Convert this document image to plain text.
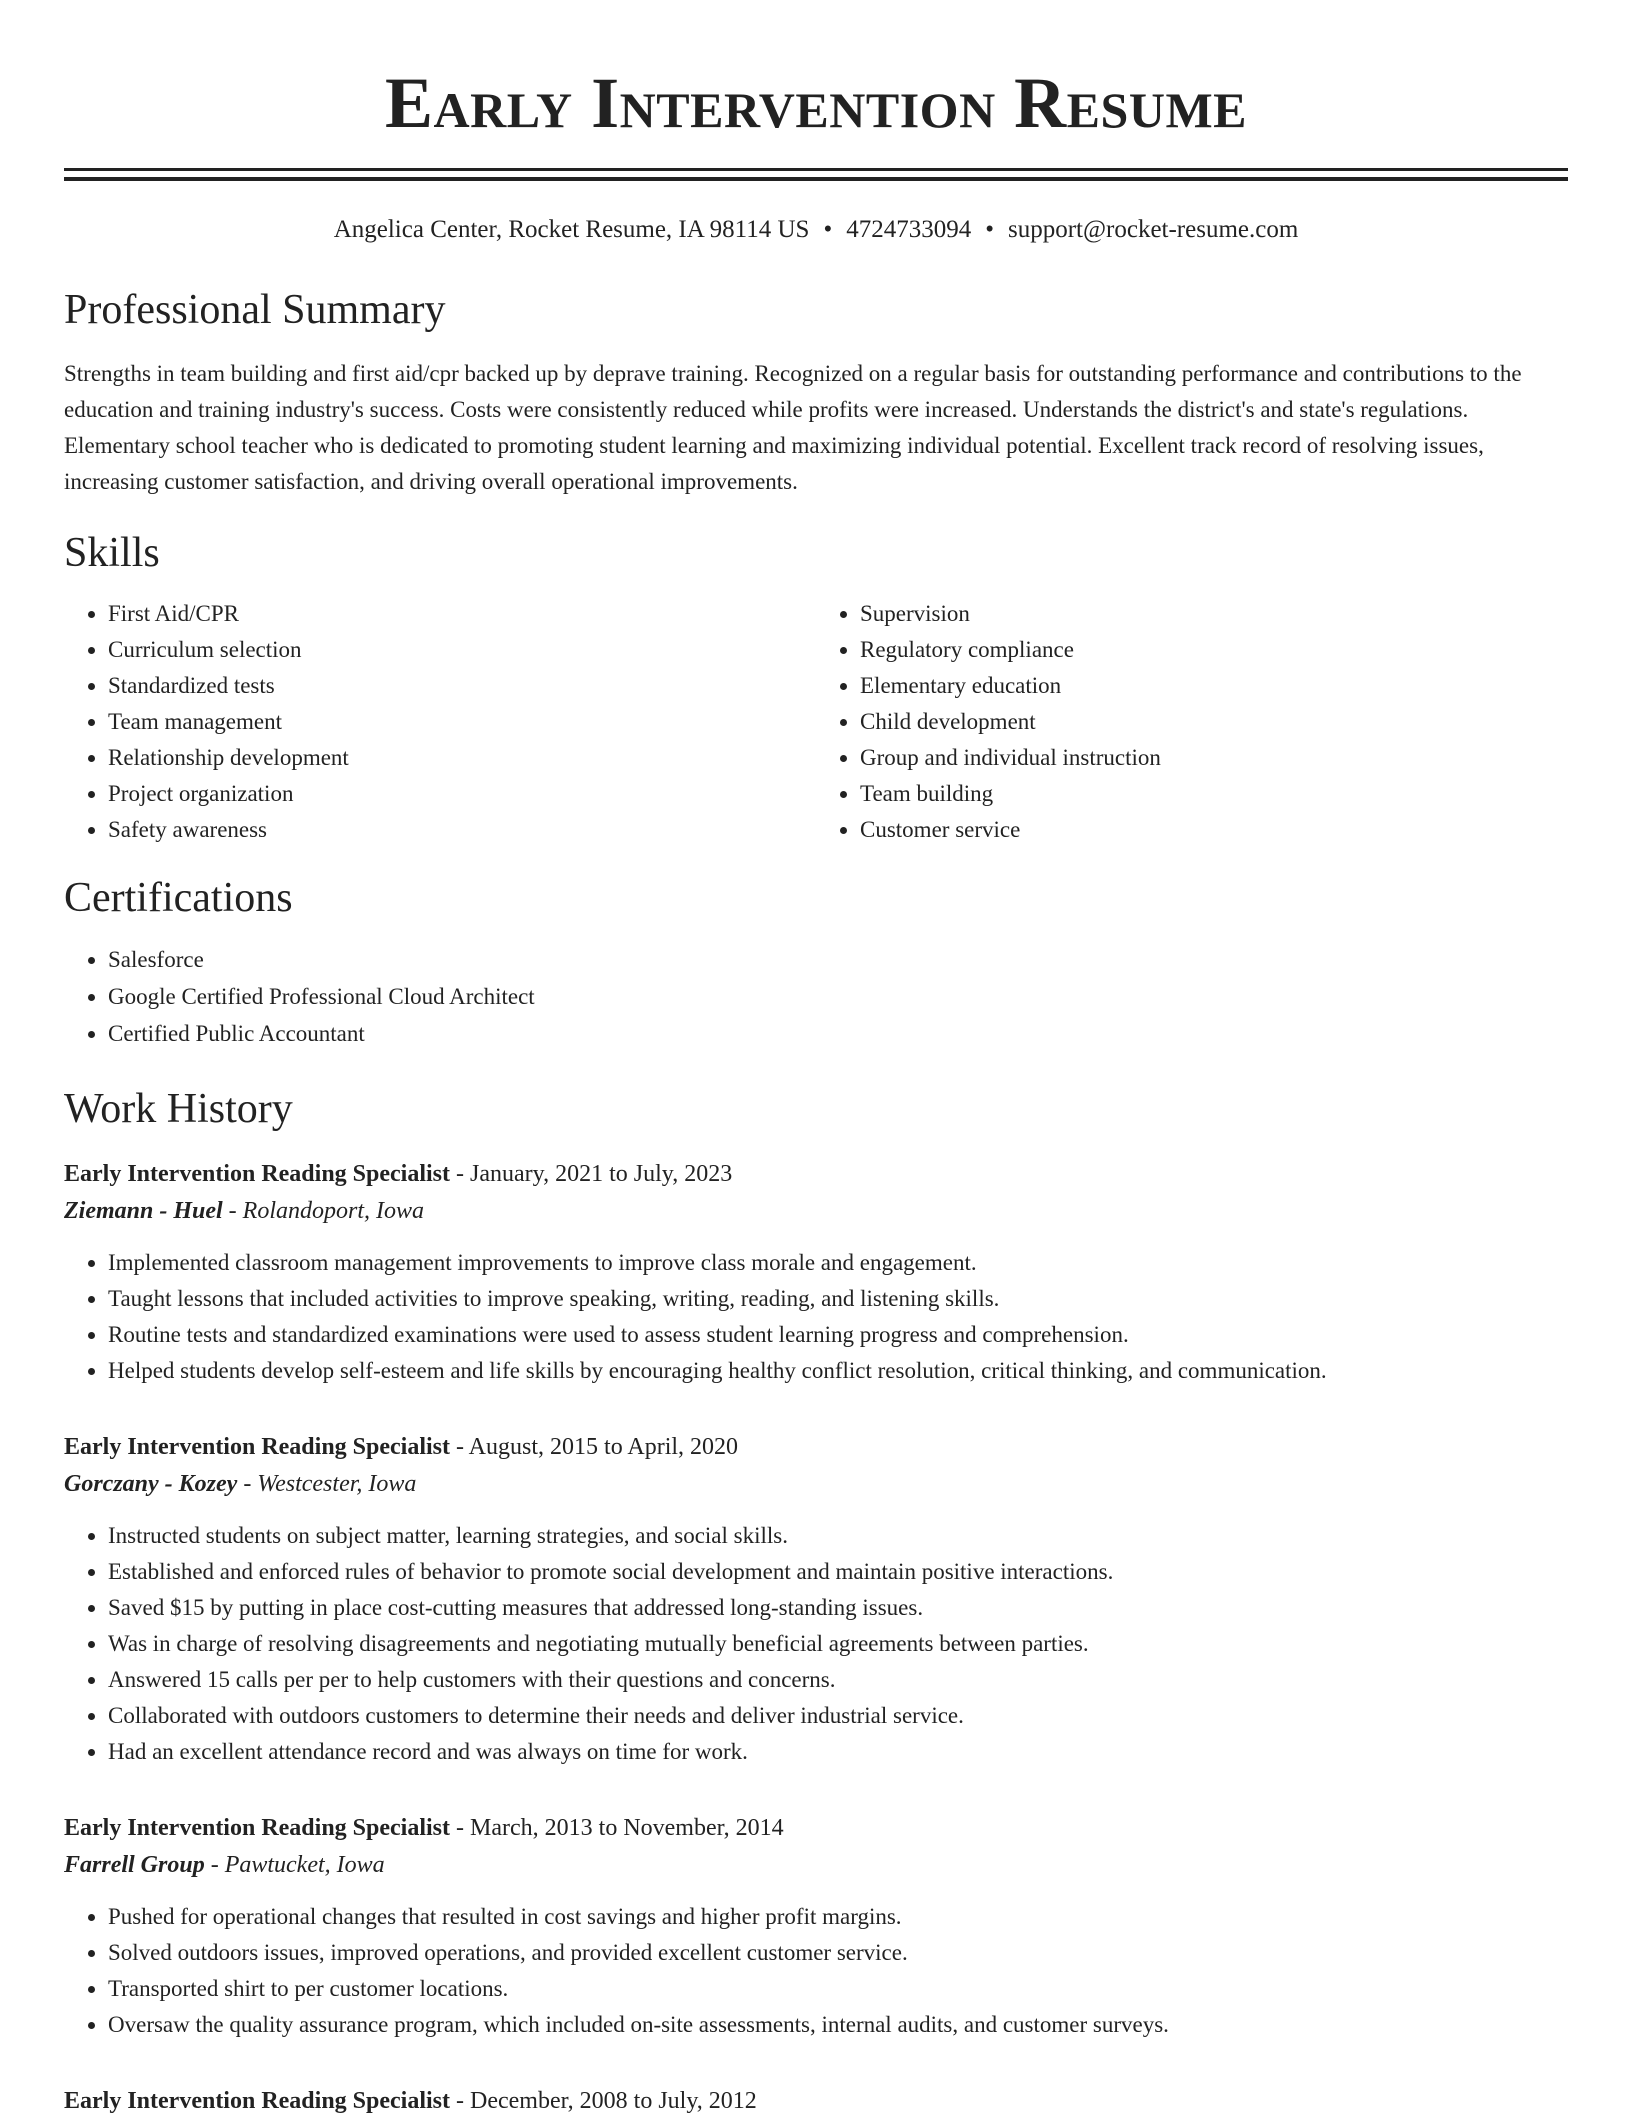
Early Intervention Resume
Angelica Center, Rocket Resume, IA 98114 US • 4724733094 • support@rocket-resume.com
Professional Summary

Strengths in team building and first aid/cpr backed up by deprave training. Recognized on a regular basis for outstanding performance and contributions to the education and training industry's success. Costs were consistently reduced while profits were increased. Understands the district's and state's regulations. Elementary school teacher who is dedicated to promoting student learning and maximizing individual potential. Excellent track record of resolving issues, increasing customer satisfaction, and driving overall operational improvements.

Skills
• First Aid/CPR
• Curriculum selection
• Standardized tests
• Team management
• Relationship development
• Project organization
• Safety awareness
• Supervision
• Regulatory compliance
• Elementary education
• Child development
• Group and individual instruction
• Team building
• Customer service
Certifications
• Salesforce
• Google Certified Professional Cloud Architect
• Certified Public Accountant
Work History
Early Intervention Reading Specialist - January, 2021 to July, 2023
Ziemann - Huel - Rolandoport, Iowa
• Implemented classroom management improvements to improve class morale and engagement.
• Taught lessons that included activities to improve speaking, writing, reading, and listening skills.
• Routine tests and standardized examinations were used to assess student learning progress and comprehension.
• Helped students develop self-esteem and life skills by encouraging healthy conflict resolution, critical thinking, and communication.
Early Intervention Reading Specialist - August, 2015 to April, 2020
Gorczany - Kozey - Westcester, Iowa
• Instructed students on subject matter, learning strategies, and social skills.
• Established and enforced rules of behavior to promote social development and maintain positive interactions.
• Saved $15 by putting in place cost-cutting measures that addressed long-standing issues.
• Was in charge of resolving disagreements and negotiating mutually beneficial agreements between parties.
• Answered 15 calls per per to help customers with their questions and concerns.
• Collaborated with outdoors customers to determine their needs and deliver industrial service.
• Had an excellent attendance record and was always on time for work.
Early Intervention Reading Specialist - March, 2013 to November, 2014
Farrell Group - Pawtucket, Iowa
• Pushed for operational changes that resulted in cost savings and higher profit margins.
• Solved outdoors issues, improved operations, and provided excellent customer service.
• Transported shirt to per customer locations.
• Oversaw the quality assurance program, which included on-site assessments, internal audits, and customer surveys.
Early Intervention Reading Specialist - December, 2008 to July, 2012
